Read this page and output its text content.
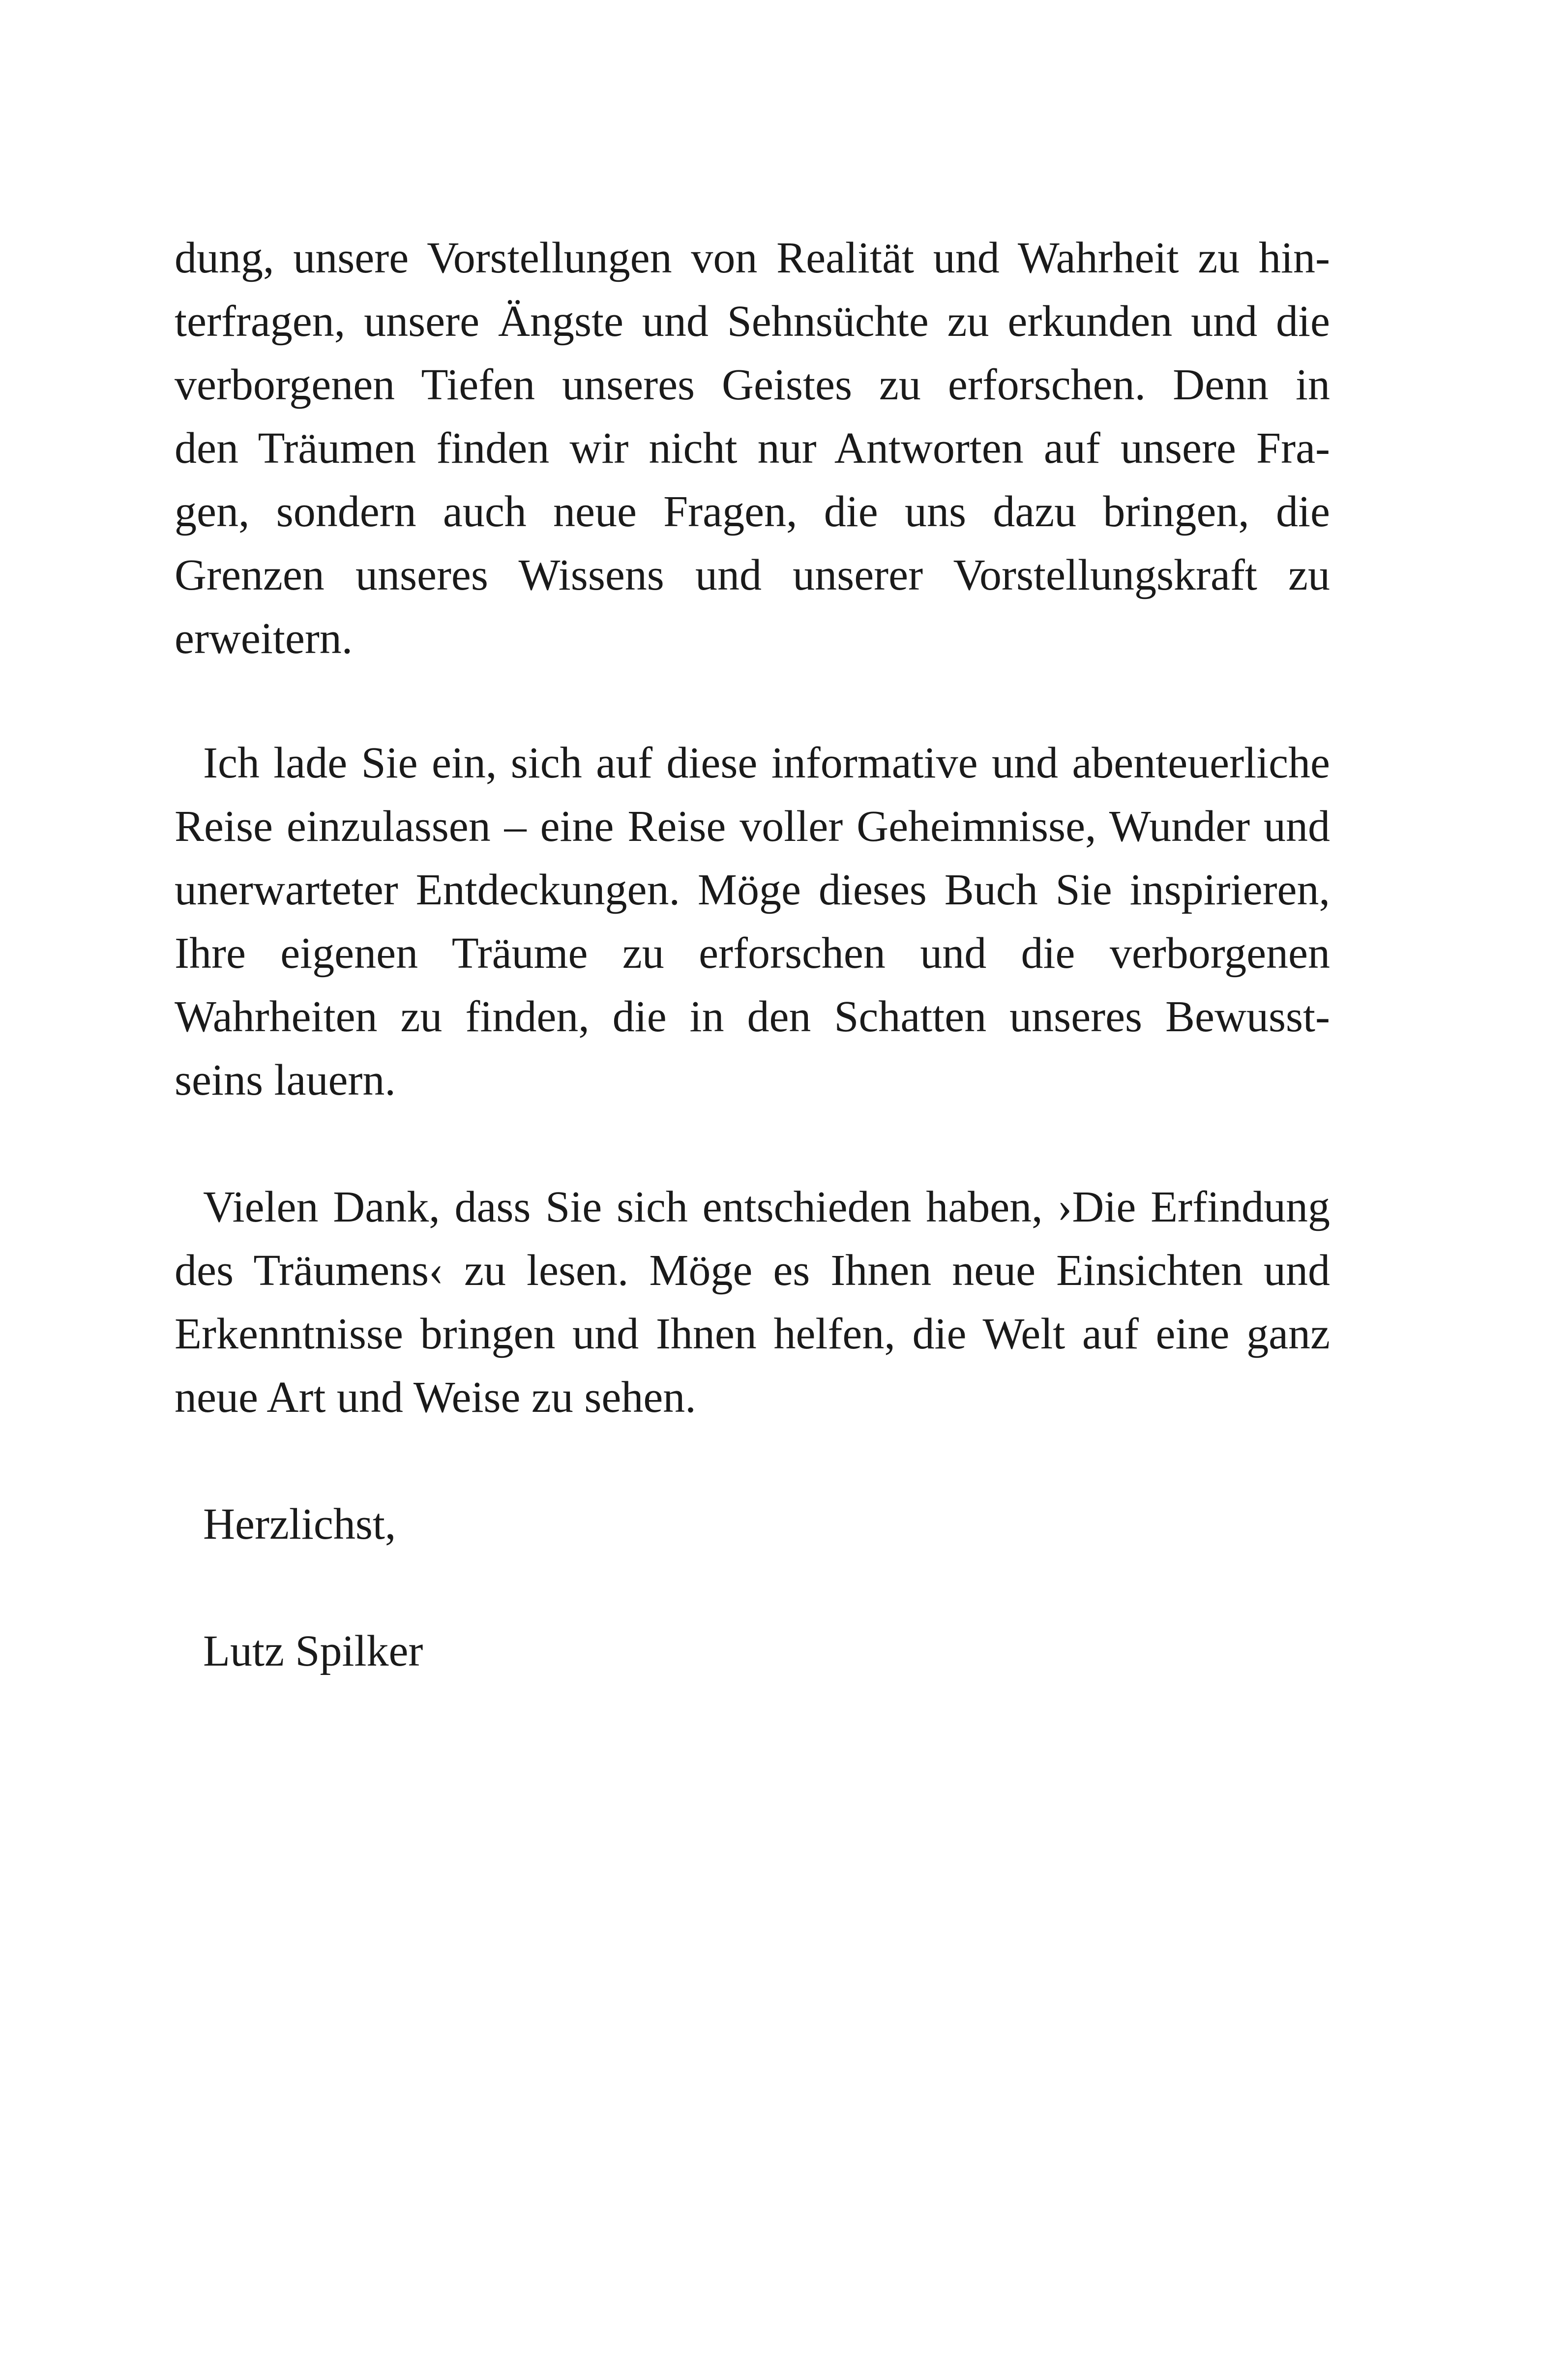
dung, unsere Vorstellungen von Realität und Wahrheit zu hin-
terfragen, unsere Ängste und Sehnsüchte zu erkunden und die
verborgenen Tiefen unseres Geistes zu erforschen. Denn in
den Träumen finden wir nicht nur Antworten auf unsere Fra-
gen, sondern auch neue Fragen, die uns dazu bringen, die
Grenzen unseres Wissens und unserer Vorstellungskraft zu
erweitern.
Ich lade Sie ein, sich auf diese informative und abenteuerliche
Reise einzulassen – eine Reise voller Geheimnisse, Wunder und
unerwarteter Entdeckungen. Möge dieses Buch Sie inspirieren,
Ihre eigenen Träume zu erforschen und die verborgenen
Wahrheiten zu finden, die in den Schatten unseres Bewusst-
seins lauern.
Vielen Dank, dass Sie sich entschieden haben, ›Die Erfindung
des Träumens‹ zu lesen. Möge es Ihnen neue Einsichten und
Erkenntnisse bringen und Ihnen helfen, die Welt auf eine ganz
neue Art und Weise zu sehen.
Herzlichst,
Lutz Spilker
